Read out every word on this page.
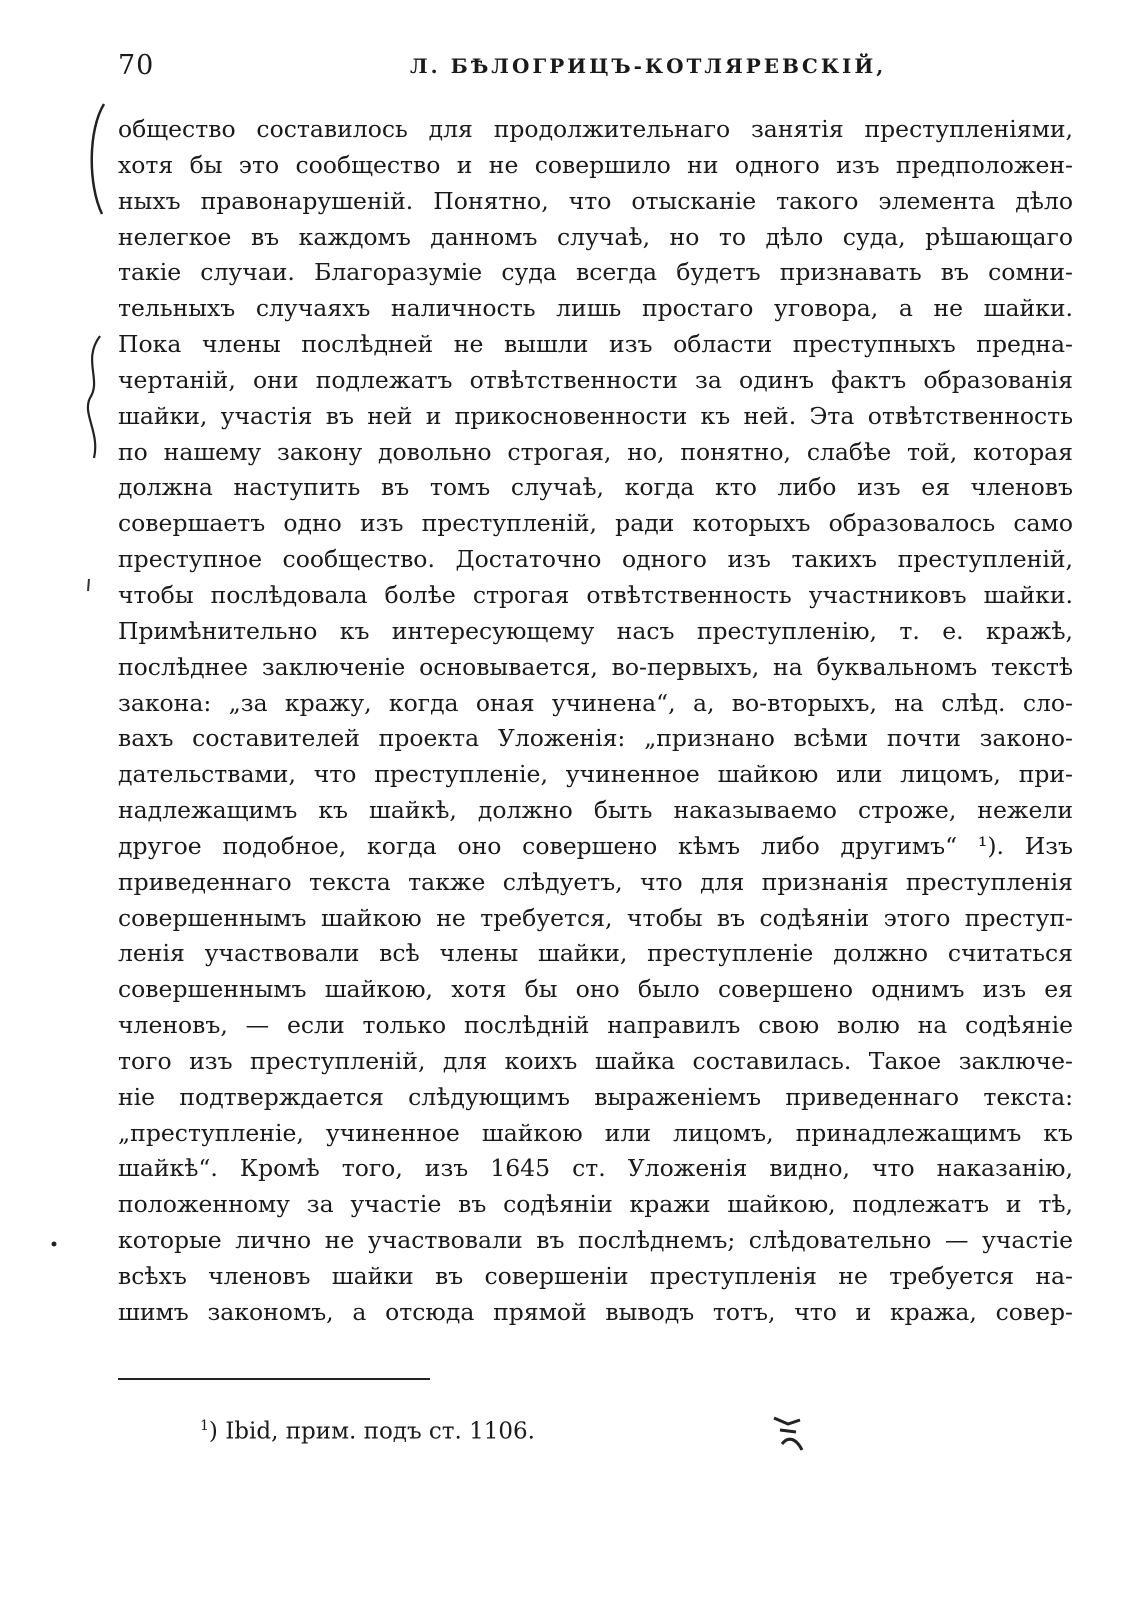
70	Л. БѢЛОГРИЦЪ-КОТЛЯРЕВСКІЙ,
общество составилось для продолжительнаго занятія преступленіями,
хотя бы это сообщество и не совершило ни одного изъ предположен-
ныхъ правонарушеній. Понятно, что отысканіе такого элемента дѣло
нелегкое въ каждомъ данномъ случаѣ, но то дѣло суда, рѣшающаго
такіе случаи. Благоразуміе суда всегда будетъ признавать въ сомни-
тельныхъ случаяхъ наличность лишь простаго уговора, а не шайки.
Пока члены послѣдней не вышли изъ области преступныхъ предна-
чертаній, они подлежатъ отвѣтственности за одинъ фактъ образованія
шайки, участія въ ней и прикосновенности къ ней. Эта отвѣтственность
по нашему закону довольно строгая, но, понятно, слабѣе той, которая
должна наступить въ томъ случаѣ, когда кто либо изъ ея членовъ
совершаетъ одно изъ преступленій, ради которыхъ образовалось само
преступное сообщество. Достаточно одного изъ такихъ преступленій,
чтобы послѣдовала болѣе строгая отвѣтственность участниковъ шайки.
Примѣнительно къ интересующему насъ преступленію, т. е. кражѣ,
послѣднее заключеніе основывается, во-первыхъ, на буквальномъ текстѣ
закона: „за кражу, когда оная учинена“, а, во-вторыхъ, на слѣд. сло-
вахъ составителей проекта Уложенія: „признано всѣми почти законо-
дательствами, что преступленіе, учиненное шайкою или лицомъ, при-
надлежащимъ къ шайкѣ, должно быть наказываемо строже, нежели
другое подобное, когда оно совершено кѣмъ либо другимъ“ ¹). Изъ
приведеннаго текста также слѣдуетъ, что для признанія преступленія
совершеннымъ шайкою не требуется, чтобы въ содѣяніи этого преступ-
ленія участвовали всѣ члены шайки, преступленіе должно считаться
совершеннымъ шайкою, хотя бы оно было совершено однимъ изъ ея
членовъ, — если только послѣдній направилъ свою волю на содѣяніе
того изъ преступленій, для коихъ шайка составилась. Такое заключе-
ніе подтверждается слѣдующимъ выраженіемъ приведеннаго текста:
„преступленіе, учиненное шайкою или лицомъ, принадлежащимъ къ
шайкѣ“. Кромѣ того, изъ 1645 ст. Уложенія видно, что наказанію,
положенному за участіе въ содѣяніи кражи шайкою, подлежатъ и тѣ,
которые лично не участвовали въ послѣднемъ; слѣдовательно — участіе
всѣхъ членовъ шайки въ совершеніи преступленія не требуется на-
шимъ закономъ, а отсюда прямой выводъ тотъ, что и кража, совер-
$^1$) Ibid, прим. подъ ст. 1106.
